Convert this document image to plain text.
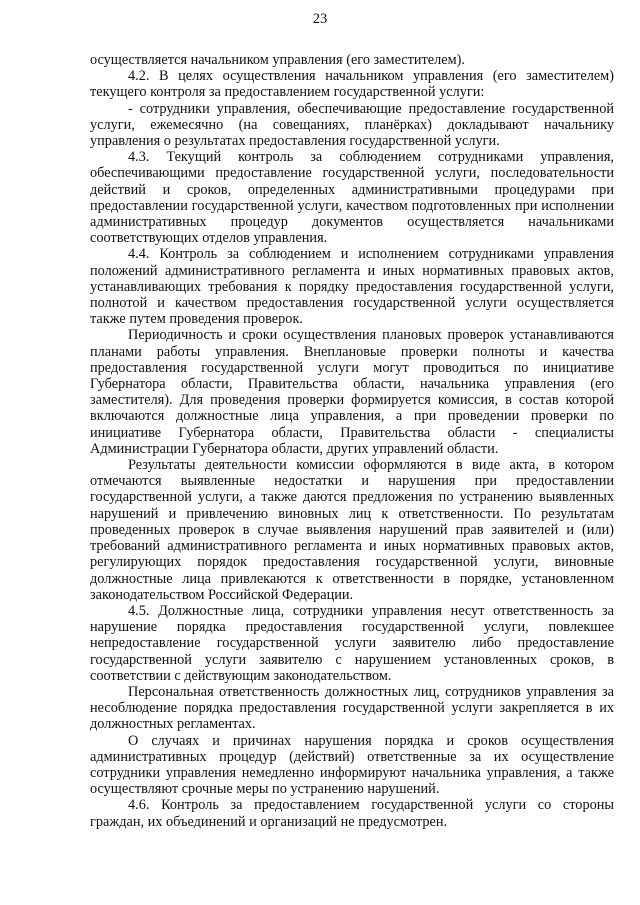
23

осуществляется начальником управления (его заместителем).

4.2. В целях осуществления начальником управления (его заместителем) текущего контроля за предоставлением государственной услуги:

- сотрудники управления, обеспечивающие предоставление государственной услуги, ежемесячно (на совещаниях, планёрках) докладывают начальнику управления о результатах предоставления государственной услуги.

4.3. Текущий контроль за соблюдением сотрудниками управления, обеспечивающими предоставление государственной услуги, последовательности действий и сроков, определенных административными процедурами при предоставлении государственной услуги, качеством подготовленных при исполнении административных процедур документов осуществляется начальниками соответствующих отделов управления.

4.4. Контроль за соблюдением и исполнением сотрудниками управления положений административного регламента и иных нормативных правовых актов, устанавливающих требования к порядку предоставления государственной услуги, полнотой и качеством предоставления государственной услуги осуществляется также путем проведения проверок.

Периодичность и сроки осуществления плановых проверок устанавливаются планами работы управления. Внеплановые проверки полноты и качества предоставления государственной услуги могут проводиться по инициативе Губернатора области, Правительства области, начальника управления (его заместителя). Для проведения проверки формируется комиссия, в состав которой включаются должностные лица управления, а при проведении проверки по инициативе Губернатора области, Правительства области - специалисты Администрации Губернатора области, других управлений области.

Результаты деятельности комиссии оформляются в виде акта, в котором отмечаются выявленные недостатки и нарушения при предоставлении государственной услуги, а также даются предложения по устранению выявленных нарушений и привлечению виновных лиц к ответственности. По результатам проведенных проверок в случае выявления нарушений прав заявителей и (или) требований административного регламента и иных нормативных правовых актов, регулирующих порядок предоставления государственной услуги, виновные должностные лица привлекаются к ответственности в порядке, установленном законодательством Российской Федерации.

4.5. Должностные лица, сотрудники управления несут ответственность за нарушение порядка предоставления государственной услуги, повлекшее непредоставление государственной услуги заявителю либо предоставление государственной услуги заявителю с нарушением установленных сроков, в соответствии с действующим законодательством.

Персональная ответственность должностных лиц, сотрудников управления за несоблюдение порядка предоставления государственной услуги закрепляется в их должностных регламентах.

О случаях и причинах нарушения порядка и сроков осуществления административных процедур (действий) ответственные за их осуществление сотрудники управления немедленно информируют начальника управления, а также осуществляют срочные меры по устранению нарушений.

4.6. Контроль за предоставлением государственной услуги со стороны граждан, их объединений и организаций не предусмотрен.
